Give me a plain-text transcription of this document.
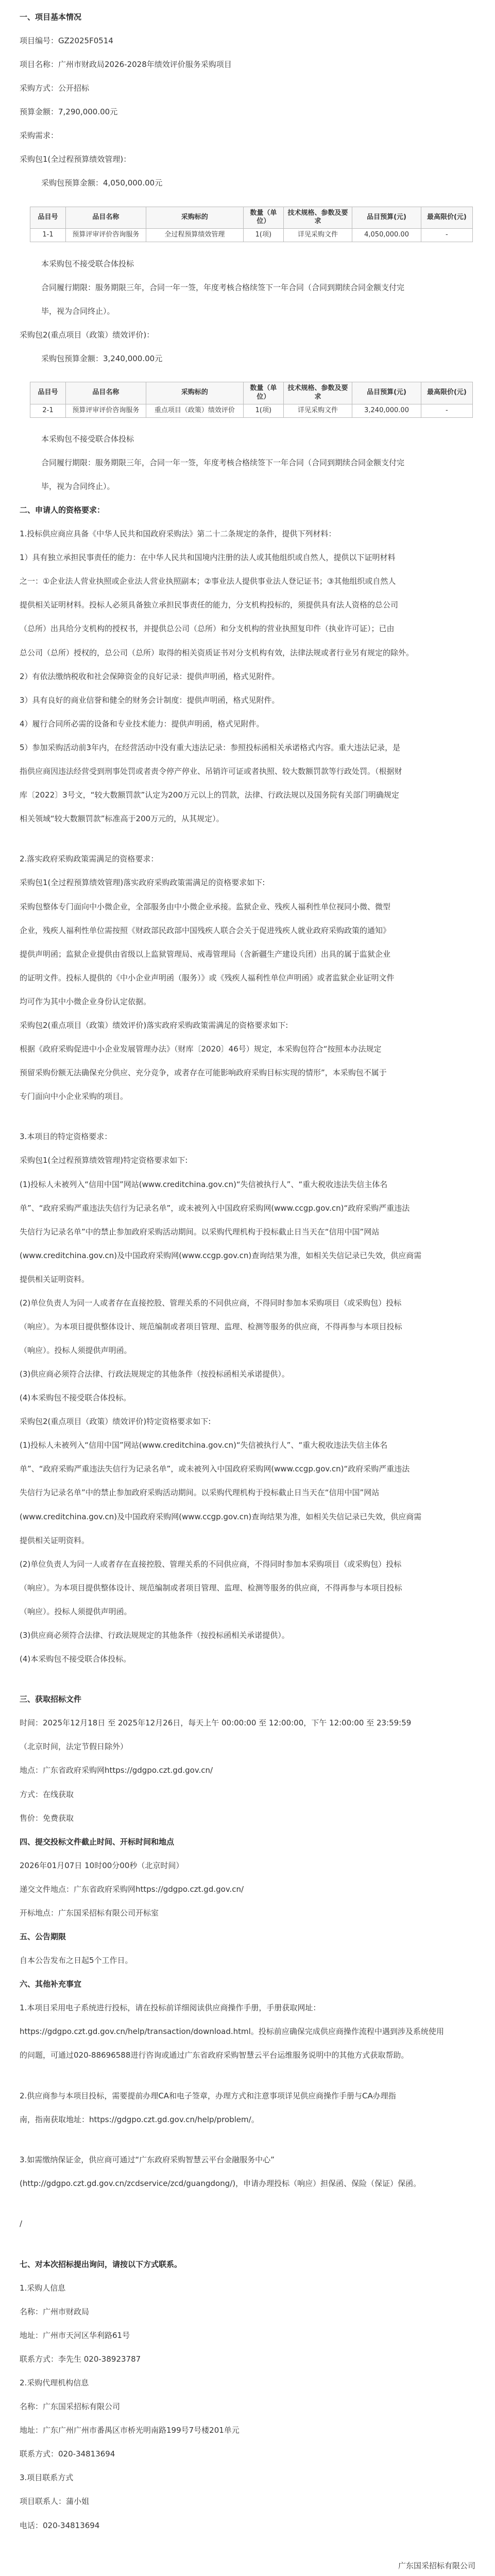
一、项目基本情况
项目编号：GZ2025F0514
项目名称：广州市财政局2026-2028年绩效评价服务采购项目
采购方式：公开招标
预算金额：7,290,000.00元
采购需求：
采购包1(全过程预算绩效管理)：
采购包预算金额：4,050,000.00元
品目号	品目名称	采购标的	数量（单位）	技术规格、参数及要求	品目预算(元)	最高限价(元)
1-1	预算评审评价咨询服务	全过程预算绩效管理	1(项)	详见采购文件	4,050,000.00	-
本采购包不接受联合体投标
合同履行期限：服务期限三年，合同一年一签，年度考核合格续签下一年合同（合同到期续合同金额支付完
毕，视为合同终止）。
采购包2(重点项目（政策）绩效评价)：
采购包预算金额：3,240,000.00元
品目号	品目名称	采购标的	数量（单位）	技术规格、参数及要求	品目预算(元)	最高限价(元)
2-1	预算评审评价咨询服务	重点项目（政策）绩效评价	1(项)	详见采购文件	3,240,000.00	-
本采购包不接受联合体投标
合同履行期限：服务期限三年，合同一年一签，年度考核合格续签下一年合同（合同到期续合同金额支付完
毕，视为合同终止）。
二、申请人的资格要求：
1.投标供应商应具备《中华人民共和国政府采购法》第二十二条规定的条件，提供下列材料：
1）具有独立承担民事责任的能力：在中华人民共和国境内注册的法人或其他组织或自然人，提供以下证明材料
之一：①企业法人营业执照或企业法人营业执照副本；②事业法人提供事业法人登记证书；③其他组织或自然人
提供相关证明材料。投标人必须具备独立承担民事责任的能力，分支机构投标的，须提供具有法人资格的总公司
（总所）出具给分支机构的授权书，并提供总公司（总所）和分支机构的营业执照复印件（执业许可证）；已由
总公司（总所）授权的，总公司（总所）取得的相关资质证书对分支机构有效，法律法规或者行业另有规定的除外。
2）有依法缴纳税收和社会保障资金的良好记录：提供声明函，格式见附件。
3）具有良好的商业信誉和健全的财务会计制度：提供声明函，格式见附件。
4）履行合同所必需的设备和专业技术能力：提供声明函，格式见附件。
5）参加采购活动前3年内，在经营活动中没有重大违法记录：参照投标函相关承诺格式内容。重大违法记录，是
指供应商因违法经营受到刑事处罚或者责令停产停业、吊销许可证或者执照、较大数额罚款等行政处罚。（根据财
库〔2022〕3号文，“较大数额罚款”认定为200万元以上的罚款，法律、行政法规以及国务院有关部门明确规定
相关领域“较大数额罚款”标准高于200万元的，从其规定）。
2.落实政府采购政策需满足的资格要求：
采购包1(全过程预算绩效管理)落实政府采购政策需满足的资格要求如下:
采购包整体专门面向中小微企业，全部服务由中小微企业承接。监狱企业、残疾人福利性单位视同小微、微型
企业，残疾人福利性单位需按照《财政部民政部中国残疾人联合会关于促进残疾人就业政府采购政策的通知》
提供声明函；监狱企业提供由省级以上监狱管理局、戒毒管理局（含新疆生产建设兵团）出具的属于监狱企业
的证明文件。投标人提供的《中小企业声明函（服务）》或《残疾人福利性单位声明函》或者监狱企业证明文件
均可作为其中小微企业身份认定依据。
采购包2(重点项目（政策）绩效评价)落实政府采购政策需满足的资格要求如下:
根据《政府采购促进中小企业发展管理办法》（财库〔2020〕46号）规定，本采购包符合“按照本办法规定
预留采购份额无法确保充分供应、充分竞争，或者存在可能影响政府采购目标实现的情形”，本采购包不属于
专门面向中小企业采购的项目。
3.本项目的特定资格要求：
采购包1(全过程预算绩效管理)特定资格要求如下:
(1)投标人未被列入“信用中国”网站(www.creditchina.gov.cn)“失信被执行人”、“重大税收违法失信主体名
单”、“政府采购严重违法失信行为记录名单”，或未被列入中国政府采购网(www.ccgp.gov.cn)“政府采购严重违法
失信行为记录名单”中的禁止参加政府采购活动期间。以采购代理机构于投标截止日当天在“信用中国”网站
(www.creditchina.gov.cn)及中国政府采购网(www.ccgp.gov.cn)查询结果为准，如相关失信记录已失效，供应商需
提供相关证明资料。
(2)单位负责人为同一人或者存在直接控股、管理关系的不同供应商，不得同时参加本采购项目（或采购包）投标
（响应）。为本项目提供整体设计、规范编制或者项目管理、监理、检测等服务的供应商，不得再参与本项目投标
（响应）。投标人须提供声明函。
(3)供应商必须符合法律、行政法规规定的其他条件（按投标函相关承诺提供）。
(4)本采购包不接受联合体投标。
采购包2(重点项目（政策）绩效评价)特定资格要求如下:
(1)投标人未被列入“信用中国”网站(www.creditchina.gov.cn)“失信被执行人”、“重大税收违法失信主体名
单”、“政府采购严重违法失信行为记录名单”，或未被列入中国政府采购网(www.ccgp.gov.cn)“政府采购严重违法
失信行为记录名单”中的禁止参加政府采购活动期间。以采购代理机构于投标截止日当天在“信用中国”网站
(www.creditchina.gov.cn)及中国政府采购网(www.ccgp.gov.cn)查询结果为准，如相关失信记录已失效，供应商需
提供相关证明资料。
(2)单位负责人为同一人或者存在直接控股、管理关系的不同供应商，不得同时参加本采购项目（或采购包）投标
（响应）。为本项目提供整体设计、规范编制或者项目管理、监理、检测等服务的供应商，不得再参与本项目投标
（响应）。投标人须提供声明函。
(3)供应商必须符合法律、行政法规规定的其他条件（按投标函相关承诺提供）。
(4)本采购包不接受联合体投标。
三、获取招标文件
时间：2025年12月18日 至 2025年12月26日，每天上午 00:00:00 至 12:00:00，下午 12:00:00 至 23:59:59
（北京时间，法定节假日除外）
地点：广东省政府采购网https://gdgpo.czt.gd.gov.cn/
方式：在线获取
售价：免费获取
四、提交投标文件截止时间、开标时间和地点
2026年01月07日 10时00分00秒（北京时间）
递交文件地点：广东省政府采购网https://gdgpo.czt.gd.gov.cn/
开标地点：广东国采招标有限公司开标室
五、公告期限
自本公告发布之日起5个工作日。
六、其他补充事宜
1.本项目采用电子系统进行投标，请在投标前详细阅读供应商操作手册，手册获取网址：
https://gdgpo.czt.gd.gov.cn/help/transaction/download.html。投标前应确保完成供应商操作流程中遇到涉及系统使用
的问题，可通过020-88696588进行咨询或通过广东省政府采购智慧云平台运维服务说明中的其他方式获取帮助。
2.供应商参与本项目投标，需要提前办理CA和电子签章，办理方式和注意事项详见供应商操作手册与CA办理指
南，指南获取地址：https://gdgpo.czt.gd.gov.cn/help/problem/。
3.如需缴纳保证金，供应商可通过“广东政府采购智慧云平台金融服务中心”
(http://gdgpo.czt.gd.gov.cn/zcdservice/zcd/guangdong/)，申请办理投标（响应）担保函、保险（保证）保函。
/
七、对本次招标提出询问，请按以下方式联系。
1.采购人信息
名称：广州市财政局
地址：广州市天河区华利路61号
联系方式：李先生 020-38923787
2.采购代理机构信息
名称：广东国采招标有限公司
地址：广东广州广州市番禺区市桥光明南路199号7号楼201单元
联系方式：020-34813694
3.项目联系方式
项目联系人：蒲小姐
电话：020-34813694
广东国采招标有限公司
